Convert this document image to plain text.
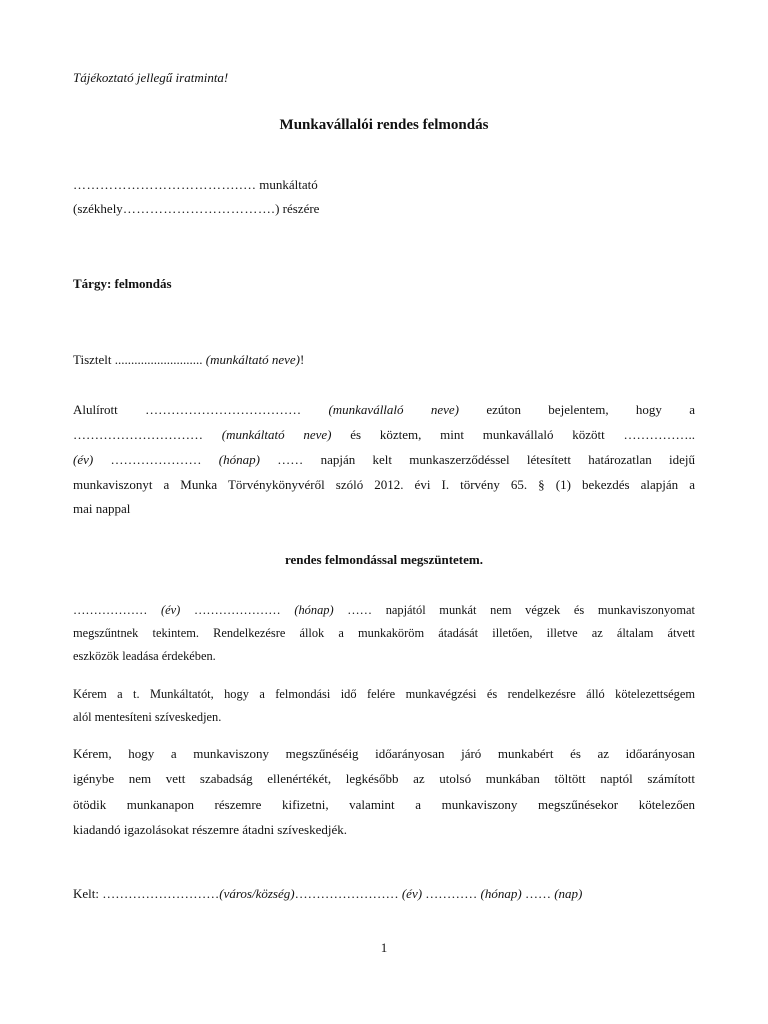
Tájékoztató jellegű iratminta!
Munkavállalói rendes felmondás
……………………………….…. munkáltató
(székhely…………………………….) részére
Tárgy: felmondás
Tisztelt ........................... (munkáltató neve)!
Alulírott ……………………………… (munkavállaló neve) ezúton bejelentem, hogy a
………………………… (munkáltató neve) és köztem, mint munkavállaló között ……………..
(év) ………………… (hónap) …… napján kelt munkaszerződéssel létesített határozatlan idejű
munkaviszonyt a Munka Törvénykönyvéről szóló 2012. évi I. törvény 65. § (1) bekezdés alapján a
mai nappal
rendes felmondással megszüntetem.
……………… (év) ………………… (hónap) …… napjától munkát nem végzek és munkaviszonyomat
megszűntnek tekintem. Rendelkezésre állok a munkaköröm átadását illetően, illetve az általam átvett
eszközök leadása érdekében.
Kérem a t. Munkáltatót, hogy a felmondási idő felére munkavégzési és rendelkezésre álló kötelezettségem
alól mentesíteni szíveskedjen.
Kérem, hogy a munkaviszony megszűnéséig időarányosan járó munkabért és az időarányosan
igénybe nem vett szabadság ellenértékét, legkésőbb az utolsó munkában töltött naptól számított
ötödik munkanapon részemre kifizetni, valamint a munkaviszony megszűnésekor kötelezően
kiadandó igazolásokat részemre átadni szíveskedjék.
Kelt: ………………………(város/község)…………………… (év) ………… (hónap) …… (nap)
1
